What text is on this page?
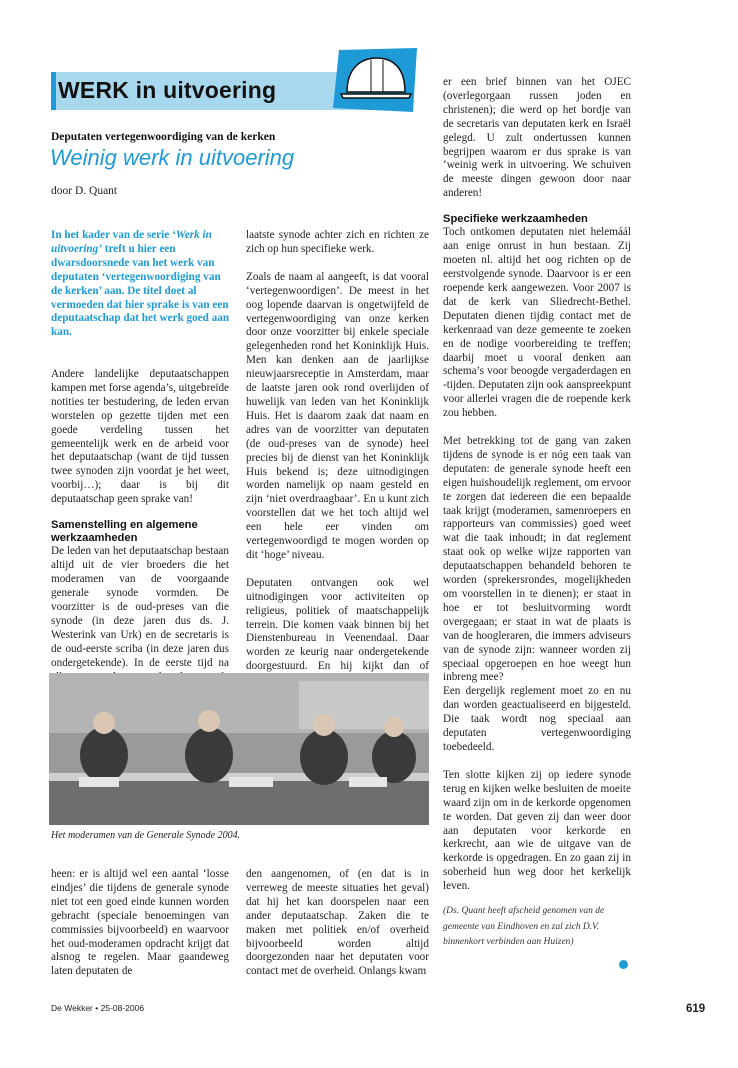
WERK in uitvoering
Deputaten vertegenwoordiging van de kerken
Weinig werk in uitvoering
door D. Quant
In het kader van de serie ‘Werk in uitvoering’ treft u hier een dwarsdoorsnede van het werk van deputaten ‘vertegenwoordiging van de kerken’ aan. De titel doet al vermoeden dat hier sprake is van een deputaatschap dat het werk goed aan kan.

Andere landelijke deputaatschappen kampen met forse agenda’s, uitgebreide notities ter bestudering, de leden ervan worstelen op gezette tijden met een goede verdeling tussen het gemeentelijk werk en de arbeid voor het deputaatschap (want de tijd tussen twee synoden zijn voordat je het weet, voorbij…); daar is bij dit deputaatschap geen sprake van!

Samenstelling en algemene werkzaamheden

De leden van het deputaatschap bestaan altijd uit de vier broeders die het moderamen van de voorgaande generale synode vormden. De voorzitter is de oud-preses van die synode (in deze jaren dus ds. J. Westerink van Urk) en de secretaris is de oud-eerste scriba (in deze jaren dus ondergetekende). In de eerste tijd na

laatste synode achter zich en richten ze zich op hun specifieke werk.

Zoals de naam al aangeeft, is dat vooral ‘vertegenwoordigen’. De meest in het oog lopende daarvan is ongetwijfeld de vertegenwoordiging van onze kerken door onze voorzitter bij enkele speciale gelegenheden rond het Koninklijk Huis. Men kan denken aan de jaarlijkse nieuwjaarsreceptie in Amsterdam, maar de laatste jaren ook rond overlijden of huwelijk van leden van het Koninklijk Huis. Het is daarom zaak dat naam en adres van de voorzitter van deputaten (de oud-preses van de synode) heel precies bij de dienst van het Koninklijk Huis bekend is; deze uitnodigingen worden namelijk op naam gesteld en zijn ‘niet overdraagbaar’. En u kunt zich voorstellen dat we het toch altijd wel een hele eer vinden om vertegenwoordigd te mogen worden op dit ‘hoge’ niveau.

Deputaten ontvangen ook wel uitnodigingen voor activiteiten op religieus, politiek of maatschappelijk terrein. Die komen vaak binnen bij het Dienstenbureau in Veenendaal. Daar worden ze keurig naar ondergetekende doorgestuurd. En hij kijkt dan of

Het moderamen van de Generale Synode 2004.

heen: er is altijd wel een aantal ‘losse eindjes’ die tijdens de generale synode niet tot een goed einde kunnen worden gebracht (speciale benoemingen van commissies bijvoorbeeld) en waarvoor het oud-moderamen opdracht krijgt dat alsnog te regelen. Maar gaandeweg laten deputaten de

den aangenomen, of (en dat is in verreweg de meeste situaties het geval) dat hij het kan doorspelen naar een ander deputaatschap. Zaken die te maken met politiek en/of overheid bijvoorbeeld worden altijd doorgezonden naar het deputaten voor contact met de overheid. Onlangs kwam

er een brief binnen van het OJEC (overlegorgaan russen joden en christenen); die werd op het bordje van de secretaris van deputaten kerk en Israël gelegd. U zult ondertussen kunnen begrijpen waarom er dus sprake is van ‘weinig werk in uitvoering. We schuiven de meeste dingen gewoon door naar anderen!

Specifieke werkzaamheden

Toch ontkomen deputaten niet helemáál aan enige onrust in hun bestaan. Zij moeten nl. altijd het oog richten op de eerstvolgende synode. Daarvoor is er een roepende kerk aangewezen. Voor 2007 is dat de kerk van Sliedrecht-Bethel. Deputaten dienen tijdig contact met de kerkenraad van deze gemeente te zoeken en de nodige voorbereiding te treffen; daarbij moet u vooral denken aan schema’s voor beoogde vergaderdagen en -tijden. Deputaten zijn ook aanspreekpunt voor allerlei vragen die de roepende kerk zou hebben.

Met betrekking tot de gang van zaken tijdens de synode is er nóg een taak van deputaten: de generale synode heeft een eigen huishoudelijk reglement, om ervoor te zorgen dat iedereen die een bepaalde taak krijgt (moderamen, samenroepers en rapporteurs van commissies) goed weet wat die taak inhoudt; in dat reglement staat ook op welke wijze rapporten van deputaatschappen behandeld behoren te worden (sprekersrondes, mogelijkheden om voorstellen in te dienen); er staat in hoe er tot besluitvorming wordt overgegaan; er staat in wat de plaats is van de hoogleraren, die immers adviseurs van de synode zijn: wanneer worden zij speciaal opgeroepen en hoe weegt hun inbreng mee?

Een dergelijk reglement moet zo en nu dan worden geactualiseerd en bijgesteld. Die taak wordt nog speciaal aan deputaten vertegenwoordiging toebedeeld.

Ten slotte kijken zij op iedere synode terug en kijken welke besluiten de moeite waard zijn om in de kerkorde opgenomen te worden. Dat geven zij dan weer door aan deputaten voor kerkorde en kerkrecht, aan wie de uitgave van de kerkorde is opgedragen. En zo gaan zij in soberheid hun weg door het kerkelijk leven.

(Ds. Quant heeft afscheid genomen van de gemeente van Eindhoven en zal zich D.V. binnenkort verbinden aan Huizen)

De Wekker • 25-08-2006	619
